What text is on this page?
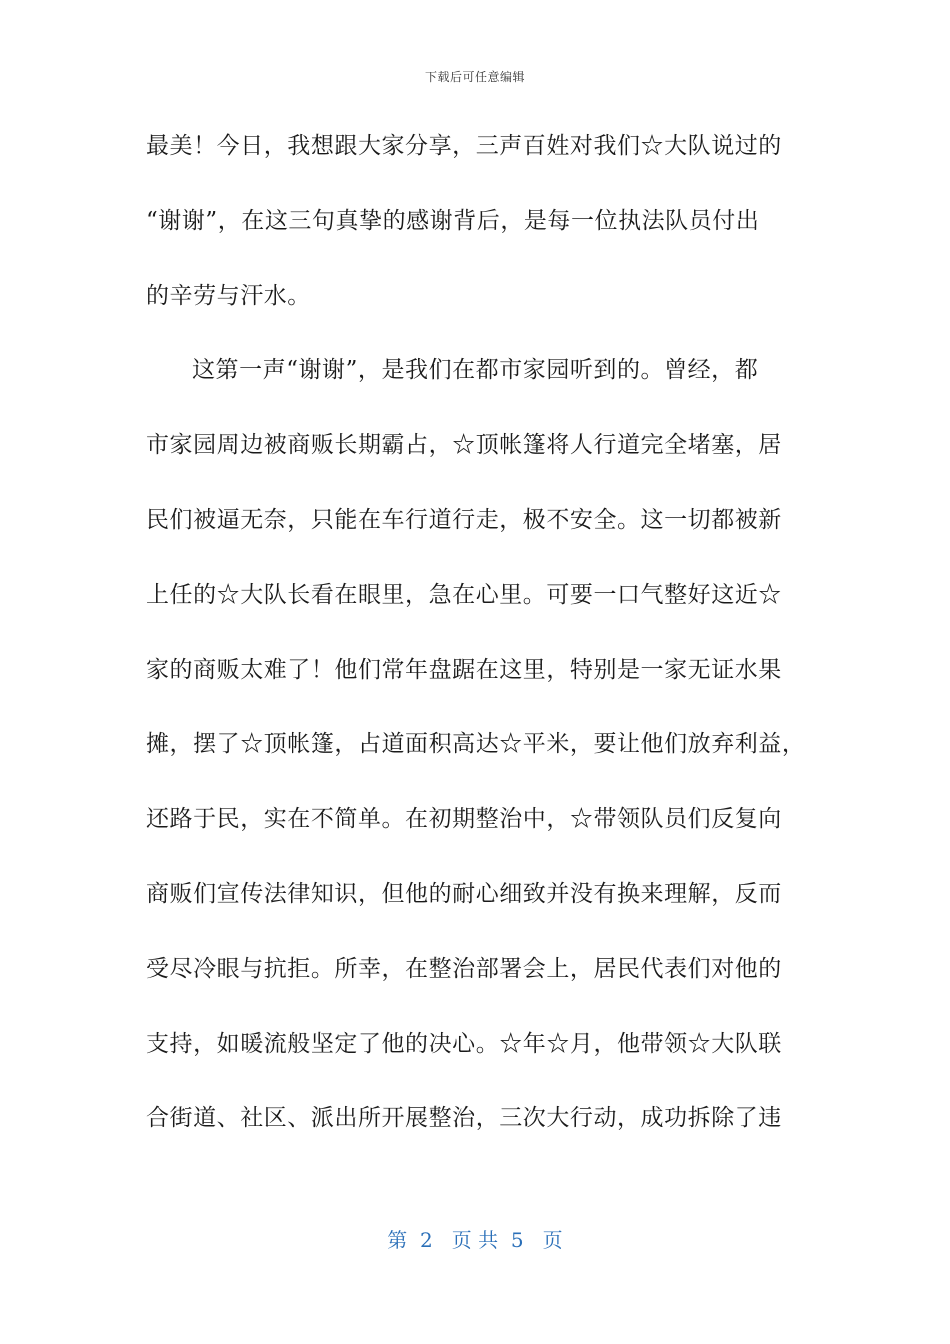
下载后可任意编辑
最美！今日，我想跟大家分享，三声百姓对我们☆大队说过的
“谢谢”，在这三句真挚的感谢背后，是每一位执法队员付出
的辛劳与汗水。
这第一声“谢谢”，是我们在都市家园听到的。曾经，都
市家园周边被商贩长期霸占，☆顶帐篷将人行道完全堵塞，居
民们被逼无奈，只能在车行道行走，极不安全。这一切都被新
上任的☆大队长看在眼里，急在心里。可要一口气整好这近☆
家的商贩太难了！他们常年盘踞在这里，特别是一家无证水果
摊，摆了☆顶帐篷，占道面积高达☆平米，要让他们放弃利益，
还路于民，实在不简单。在初期整治中，☆带领队员们反复向
商贩们宣传法律知识，但他的耐心细致并没有换来理解，反而
受尽冷眼与抗拒。所幸，在整治部署会上，居民代表们对他的
支持，如暖流般坚定了他的决心。☆年☆月，他带领☆大队联
合街道、社区、派出所开展整治，三次大行动，成功拆除了违
第  2   页 共  5   页
